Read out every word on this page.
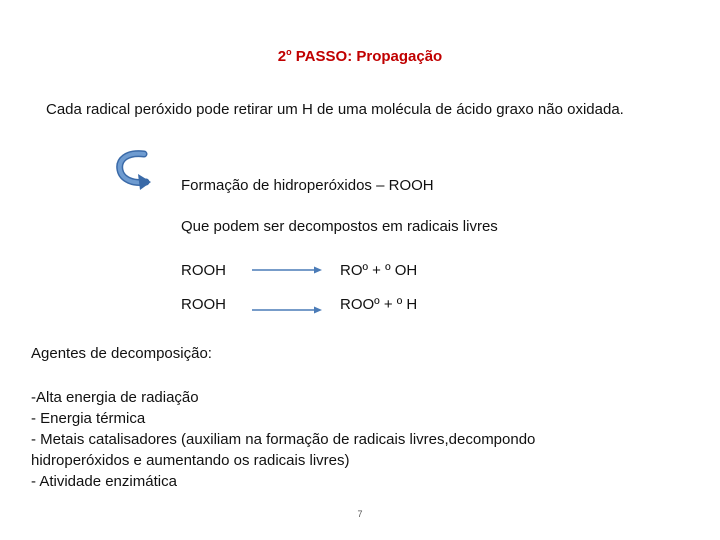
2$^o$ PASSO: Propagação
Cada radical peróxido pode retirar um H de uma molécula de ácido graxo não oxidada.
Formação de hidroperóxidos – ROOH
Que podem ser decompostos em radicais livres
ROOH	ROº + º OH
ROOH	ROOº + º H
Agentes de decomposição:
-Alta energia de radiação
- Energia térmica
- Metais catalisadores (auxiliam na formação de radicais livres,decompondo
hidroperóxidos e aumentando os radicais livres)
- Atividade enzimática
7
